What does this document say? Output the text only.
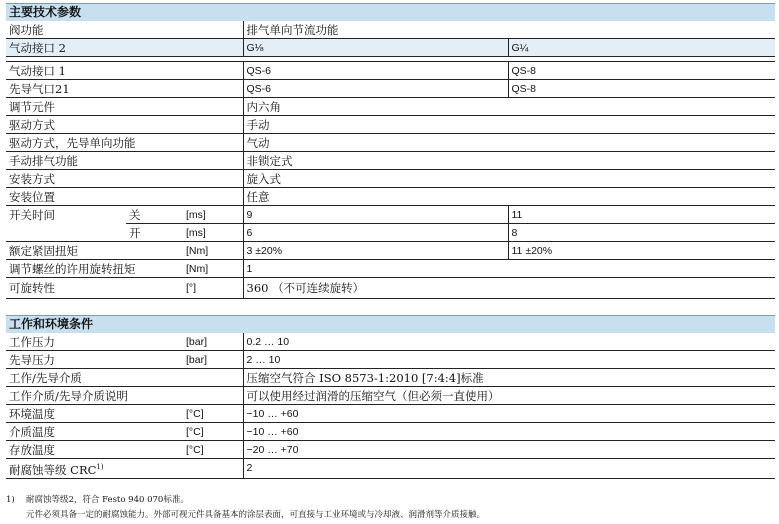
主要技术参数
阀功能				排气单向节流功能	
气动接口 2				G⅛	G¼

气动接口 1				QS-6	QS-8
先导气口21				QS-6	QS-8
调节元件				内六角	
驱动方式				手动	
驱动方式，先导单向功能				气动	
手动排气功能				非锁定式	
安装方式				旋入式	
安装位置				任意	
开关时间	关	[ms]		9	11
	开	[ms]		6	8
额定紧固扭矩		[Nm]		3 ±20%	11 ±20%
调节螺丝的许用旋转扭矩		[Nm]		1	
可旋转性		[°]		360 （不可连续旋转）	
工作和环境条件
工作压力	[bar]	0.2 … 10
先导压力	[bar]	2 … 10
工作/先导介质		压缩空气符合 ISO 8573-1:2010 [7:4:4]标准
工作介质/先导介质说明		可以使用经过润滑的压缩空气（但必须一直使用）
环境温度	[°C]	−10 … +60
介质温度	[°C]	−10 … +60
存放温度	[°C]	−20 … +70
耐腐蚀等级 CRC$^{1)}$		2
1) 耐腐蚀等级2，符合 Festo 940 070标准。
元件必须具备一定的耐腐蚀能力。外部可视元件具备基本的涂层表面，可直接与工业环境或与冷却液、润滑剂等介质接触。
